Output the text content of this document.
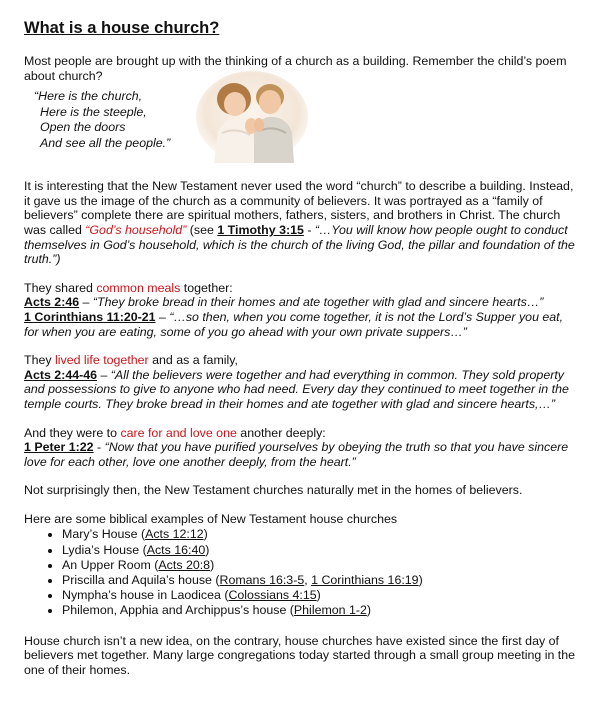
What is a house church?

Most people are brought up with the thinking of a church as a building. Remember the child’s poem about church?

“Here is the church,
Here is the steeple,
Open the doors
And see all the people.”

It is interesting that the New Testament never used the word “church” to describe a building. Instead, it gave us the image of the church as a community of believers. It was portrayed as a “family of believers” complete there are spiritual mothers, fathers, sisters, and brothers in Christ. The church was called “God’s household” (see 1 Timothy 3:15 - “…You will know how people ought to conduct themselves in God’s household, which is the church of the living God, the pillar and foundation of the truth.”)

They shared common meals together:
Acts 2:46 – “They broke bread in their homes and ate together with glad and sincere hearts…”
1 Corinthians 11:20-21 – “…so then, when you come together, it is not the Lord’s Supper you eat, for when you are eating, some of you go ahead with your own private suppers…”

They lived life together and as a family,
Acts 2:44-46 – “All the believers were together and had everything in common. They sold property and possessions to give to anyone who had need. Every day they continued to meet together in the temple courts. They broke bread in their homes and ate together with glad and sincere hearts,…”

And they were to care for and love one another deeply:
1 Peter 1:22 - “Now that you have purified yourselves by obeying the truth so that you have sincere love for each other, love one another deeply, from the heart.”

Not surprisingly then, the New Testament churches naturally met in the homes of believers.

Here are some biblical examples of New Testament house churches

• Mary’s House (Acts 12:12)
• Lydia’s House (Acts 16:40)
• An Upper Room (Acts 20:8)
• Priscilla and Aquila’s house (Romans 16:3-5, 1 Corinthians 16:19)
• Nympha’s house in Laodicea (Colossians 4:15)
• Philemon, Apphia and Archippus’s house (Philemon 1-2)

House church isn’t a new idea, on the contrary, house churches have existed since the first day of believers met together. Many large congregations today started through a small group meeting in the one of their homes.
